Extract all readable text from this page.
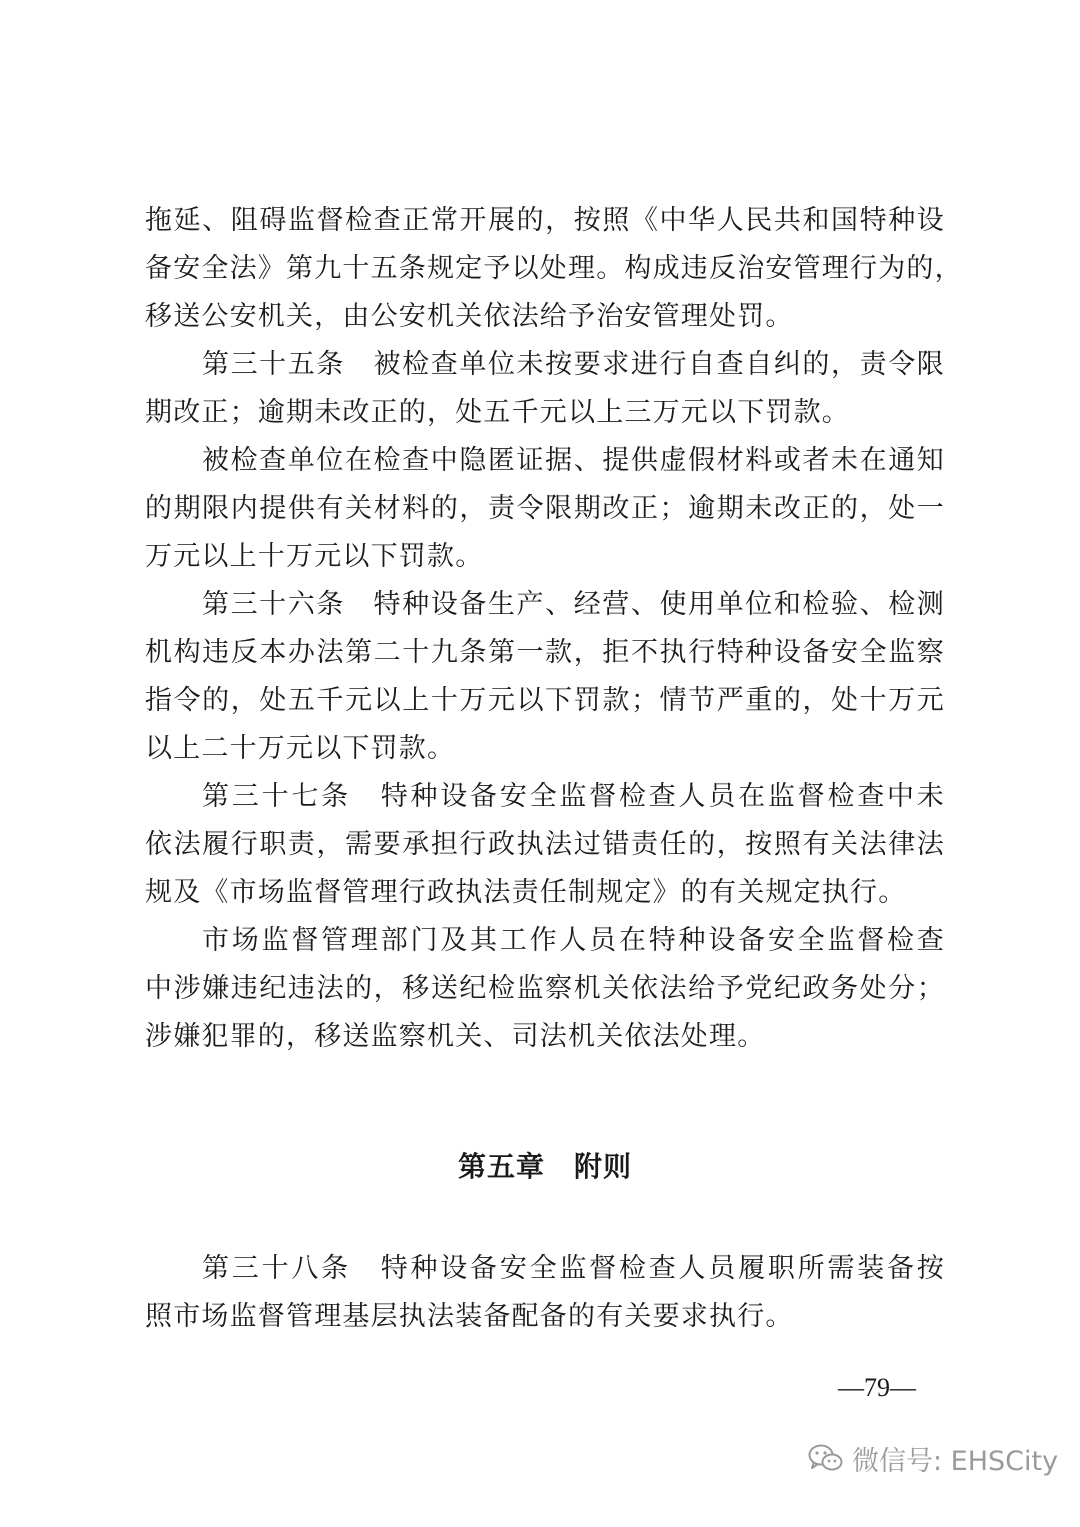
拖延、阻碍监督检查正常开展的，按照《中华人民共和国特种设
备安全法》第九十五条规定予以处理。构成违反治安管理行为的，
移送公安机关，由公安机关依法给予治安管理处罚。
第三十五条　被检查单位未按要求进行自查自纠的，责令限
期改正；逾期未改正的，处五千元以上三万元以下罚款。
被检查单位在检查中隐匿证据、提供虚假材料或者未在通知
的期限内提供有关材料的，责令限期改正；逾期未改正的，处一
万元以上十万元以下罚款。
第三十六条　特种设备生产、经营、使用单位和检验、检测
机构违反本办法第二十九条第一款，拒不执行特种设备安全监察
指令的，处五千元以上十万元以下罚款；情节严重的，处十万元
以上二十万元以下罚款。
第三十七条　特种设备安全监督检查人员在监督检查中未
依法履行职责，需要承担行政执法过错责任的，按照有关法律法
规及《市场监督管理行政执法责任制规定》的有关规定执行。
市场监督管理部门及其工作人员在特种设备安全监督检查
中涉嫌违纪违法的，移送纪检监察机关依法给予党纪政务处分；
涉嫌犯罪的，移送监察机关、司法机关依法处理。
第五章　附则
第三十八条　特种设备安全监督检查人员履职所需装备按
照市场监督管理基层执法装备配备的有关要求执行。
—79—
微信号: EHSCity
